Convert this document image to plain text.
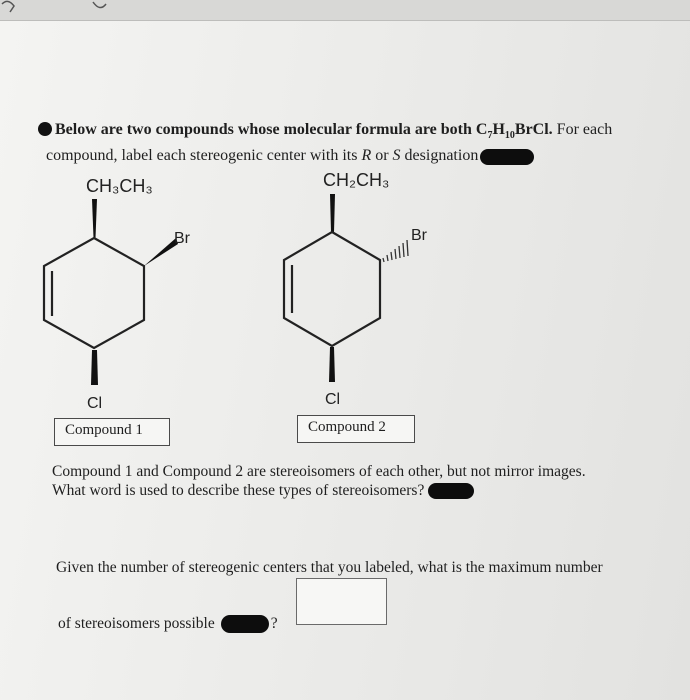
Below are two compounds whose molecular formula are both $C_7H_{10}BrCl$. For each compound, label each stereogenic center with its R or S designation
CH₃CH₃
Br
Cl
CH₂CH₃
Br
Cl
Compound 1	Compound 2
Compound 1 and Compound 2 are stereoisomers of each other, but not mirror images.
What word is used to describe these types of stereoisomers?
Given the number of stereogenic centers that you labeled, what is the maximum number
of stereoisomers possible	?
